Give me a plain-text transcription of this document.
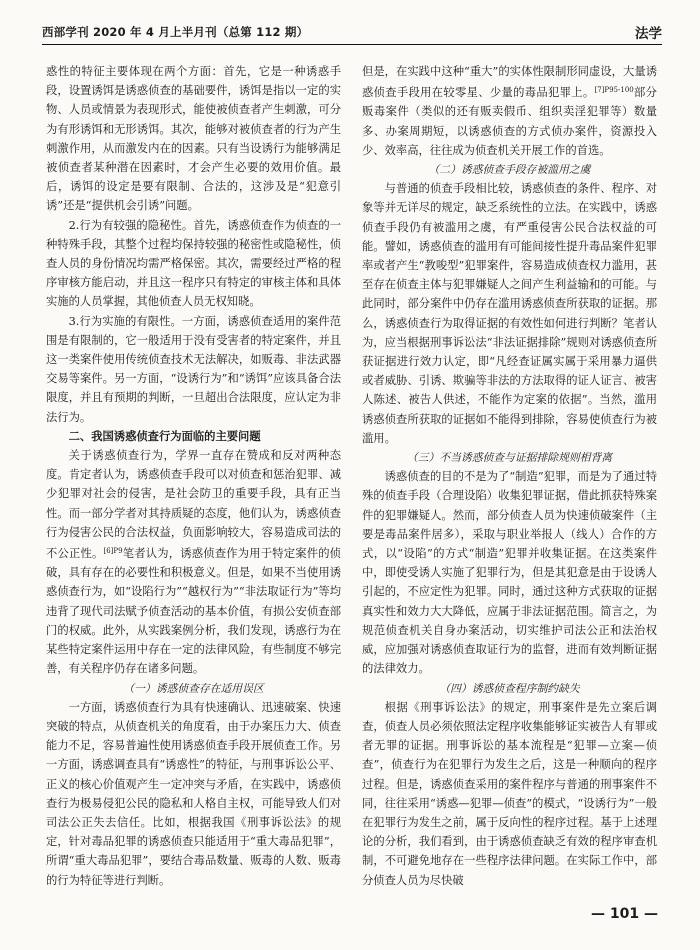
西部学刊 2020 年 4 月上半月刊（总第 112 期）	法学

惑性的特征主要体现在两个方面：首先，它是一种诱惑手段，设置诱饵是诱惑侦查的基础要件，诱饵是指以一定的实物、人员或情景为表现形式，能使被侦查者产生刺激，可分为有形诱饵和无形诱饵。其次，能够对被侦查者的行为产生刺激作用，从而激发内在的因素。只有当设诱行为能够满足被侦查者某种潜在因素时，才会产生必要的效用价值。最后，诱饵的设定是要有限制、合法的，这涉及是“犯意引诱”还是“提供机会引诱”问题。

2.行为有较强的隐秘性。首先，诱惑侦查作为侦查的一种特殊手段，其整个过程均保持较强的秘密性或隐秘性，侦查人员的身份情况均需严格保密。其次，需要经过严格的程序审核方能启动，并且这一程序只有特定的审核主体和具体实施的人员掌握，其他侦查人员无权知晓。

3.行为实施的有限性。一方面，诱惑侦查适用的案件范围是有限制的，它一般适用于没有受害者的特定案件，并且这一类案件使用传统侦查技术无法解决，如贩毒、非法武器交易等案件。另一方面，“设诱行为”和“诱饵”应该具备合法限度，并且有预期的判断，一旦超出合法限度，应认定为非法行为。

二、我国诱惑侦查行为面临的主要问题

关于诱惑侦查行为，学界一直存在赞成和反对两种态度。肯定者认为，诱惑侦查手段可以对侦查和惩治犯罪、减少犯罪对社会的侵害，是社会防卫的重要手段，具有正当性。而一部分学者对其持质疑的态度，他们认为，诱惑侦查行为侵害公民的合法权益，负面影响较大，容易造成司法的不公正性。$^{[6]P9}$笔者认为，诱惑侦查作为用于特定案件的侦破，具有存在的必要性和积极意义。但是，如果不当使用诱惑侦查行为，如“设陷行为”“越权行为”“非法取证行为”等均违背了现代司法赋予侦查活动的基本价值，有损公安侦查部门的权威。此外，从实践案例分析，我们发现，诱惑行为在某些特定案件运用中存在一定的法律风险，有些制度不够完善，有关程序仍存在诸多问题。

（一）诱惑侦查存在适用误区

一方面，诱惑侦查行为具有快速确认、迅速破案、快速突破的特点，从侦查机关的角度看，由于办案压力大、侦查能力不足，容易普遍性使用诱惑侦查手段开展侦查工作。另一方面，诱惑调查具有“诱惑性”的特征，与刑事诉讼公平、正义的核心价值观产生一定冲突与矛盾，在实践中，诱惑侦查行为极易侵犯公民的隐私和人格自主权，可能导致人们对司法公正失去信任。比如，根据我国《刑事诉讼法》的规定，针对毒品犯罪的诱惑侦查只能适用于“重大毒品犯罪”，所谓“重大毒品犯罪”，要结合毒品数量、贩毒的人数、贩毒的行为特征等进行判断。

但是，在实践中这种“重大”的实体性限制形同虚设，大量诱惑侦查手段用在较零星、少量的毒品犯罪上。$^{[7]P95-100}$部分贩毒案件（类似的还有贩卖假币、组织卖淫犯罪等）数量多、办案周期短，以诱惑侦查的方式侦办案件，资源投入少、效率高，往往成为侦查机关开展工作的首选。

（二）诱惑侦查手段存被滥用之虞

与普通的侦查手段相比较，诱惑侦查的条件、程序、对象等并无详尽的规定，缺乏系统性的立法。在实践中，诱惑侦查手段仍有被滥用之虞，有严重侵害公民合法权益的可能。譬如，诱惑侦查的滥用有可能间接性提升毒品案件犯罪率或者产生“教唆型”犯罪案件，容易造成侦查权力滥用，甚至存在侦查主体与犯罪嫌疑人之间产生利益输和的可能。与此同时，部分案件中仍存在滥用诱惑侦查所获取的证据。那么，诱惑侦查行为取得证据的有效性如何进行判断？笔者认为，应当根据刑事诉讼法“非法证据排除”规则对诱惑侦查所获证据进行效力认定，即“凡经查证属实属于采用暴力逼供或者威胁、引诱、欺骗等非法的方法取得的证人证言、被害人陈述、被告人供述，不能作为定案的依据”。当然，滥用诱惑侦查所获取的证据如不能得到排除，容易使侦查行为被滥用。

（三）不当诱惑侦查与证据排除规则相背离

诱惑侦查的目的不是为了“制造”犯罪，而是为了通过特殊的侦查手段（合理设陷）收集犯罪证据，借此抓获特殊案件的犯罪嫌疑人。然而，部分侦查人员为快速侦破案件（主要是毒品案件居多），采取与职业举报人（线人）合作的方式，以“设陷”的方式“制造”犯罪并收集证据。在这类案件中，即使受诱人实施了犯罪行为，但是其犯意是由于设诱人引起的，不应定性为犯罪。同时，通过这种方式获取的证据真实性和效力大大降低，应属于非法证据范围。简言之，为规范侦查机关自身办案活动，切实维护司法公正和法治权威，应加强对诱惑侦查取证行为的监督，进而有效判断证据的法律效力。

（四）诱惑侦查程序制约缺失

根据《刑事诉讼法》的规定，刑事案件是先立案后调查，侦查人员必须依照法定程序收集能够证实被告人有罪或者无罪的证据。刑事诉讼的基本流程是“犯罪—立案—侦查”，侦查行为在犯罪行为发生之后，这是一种顺向的程序过程。但是，诱惑侦查采用的案件程序与普通的刑事案件不同，往往采用“诱惑—犯罪—侦查”的模式，“设诱行为”一般在犯罪行为发生之前，属于反向性的程序过程。基于上述理论的分析，我们看到，由于诱惑侦查缺乏有效的程序审查机制，不可避免地存在一些程序法律问题。在实际工作中，部分侦查人员为尽快破

— 101 —
